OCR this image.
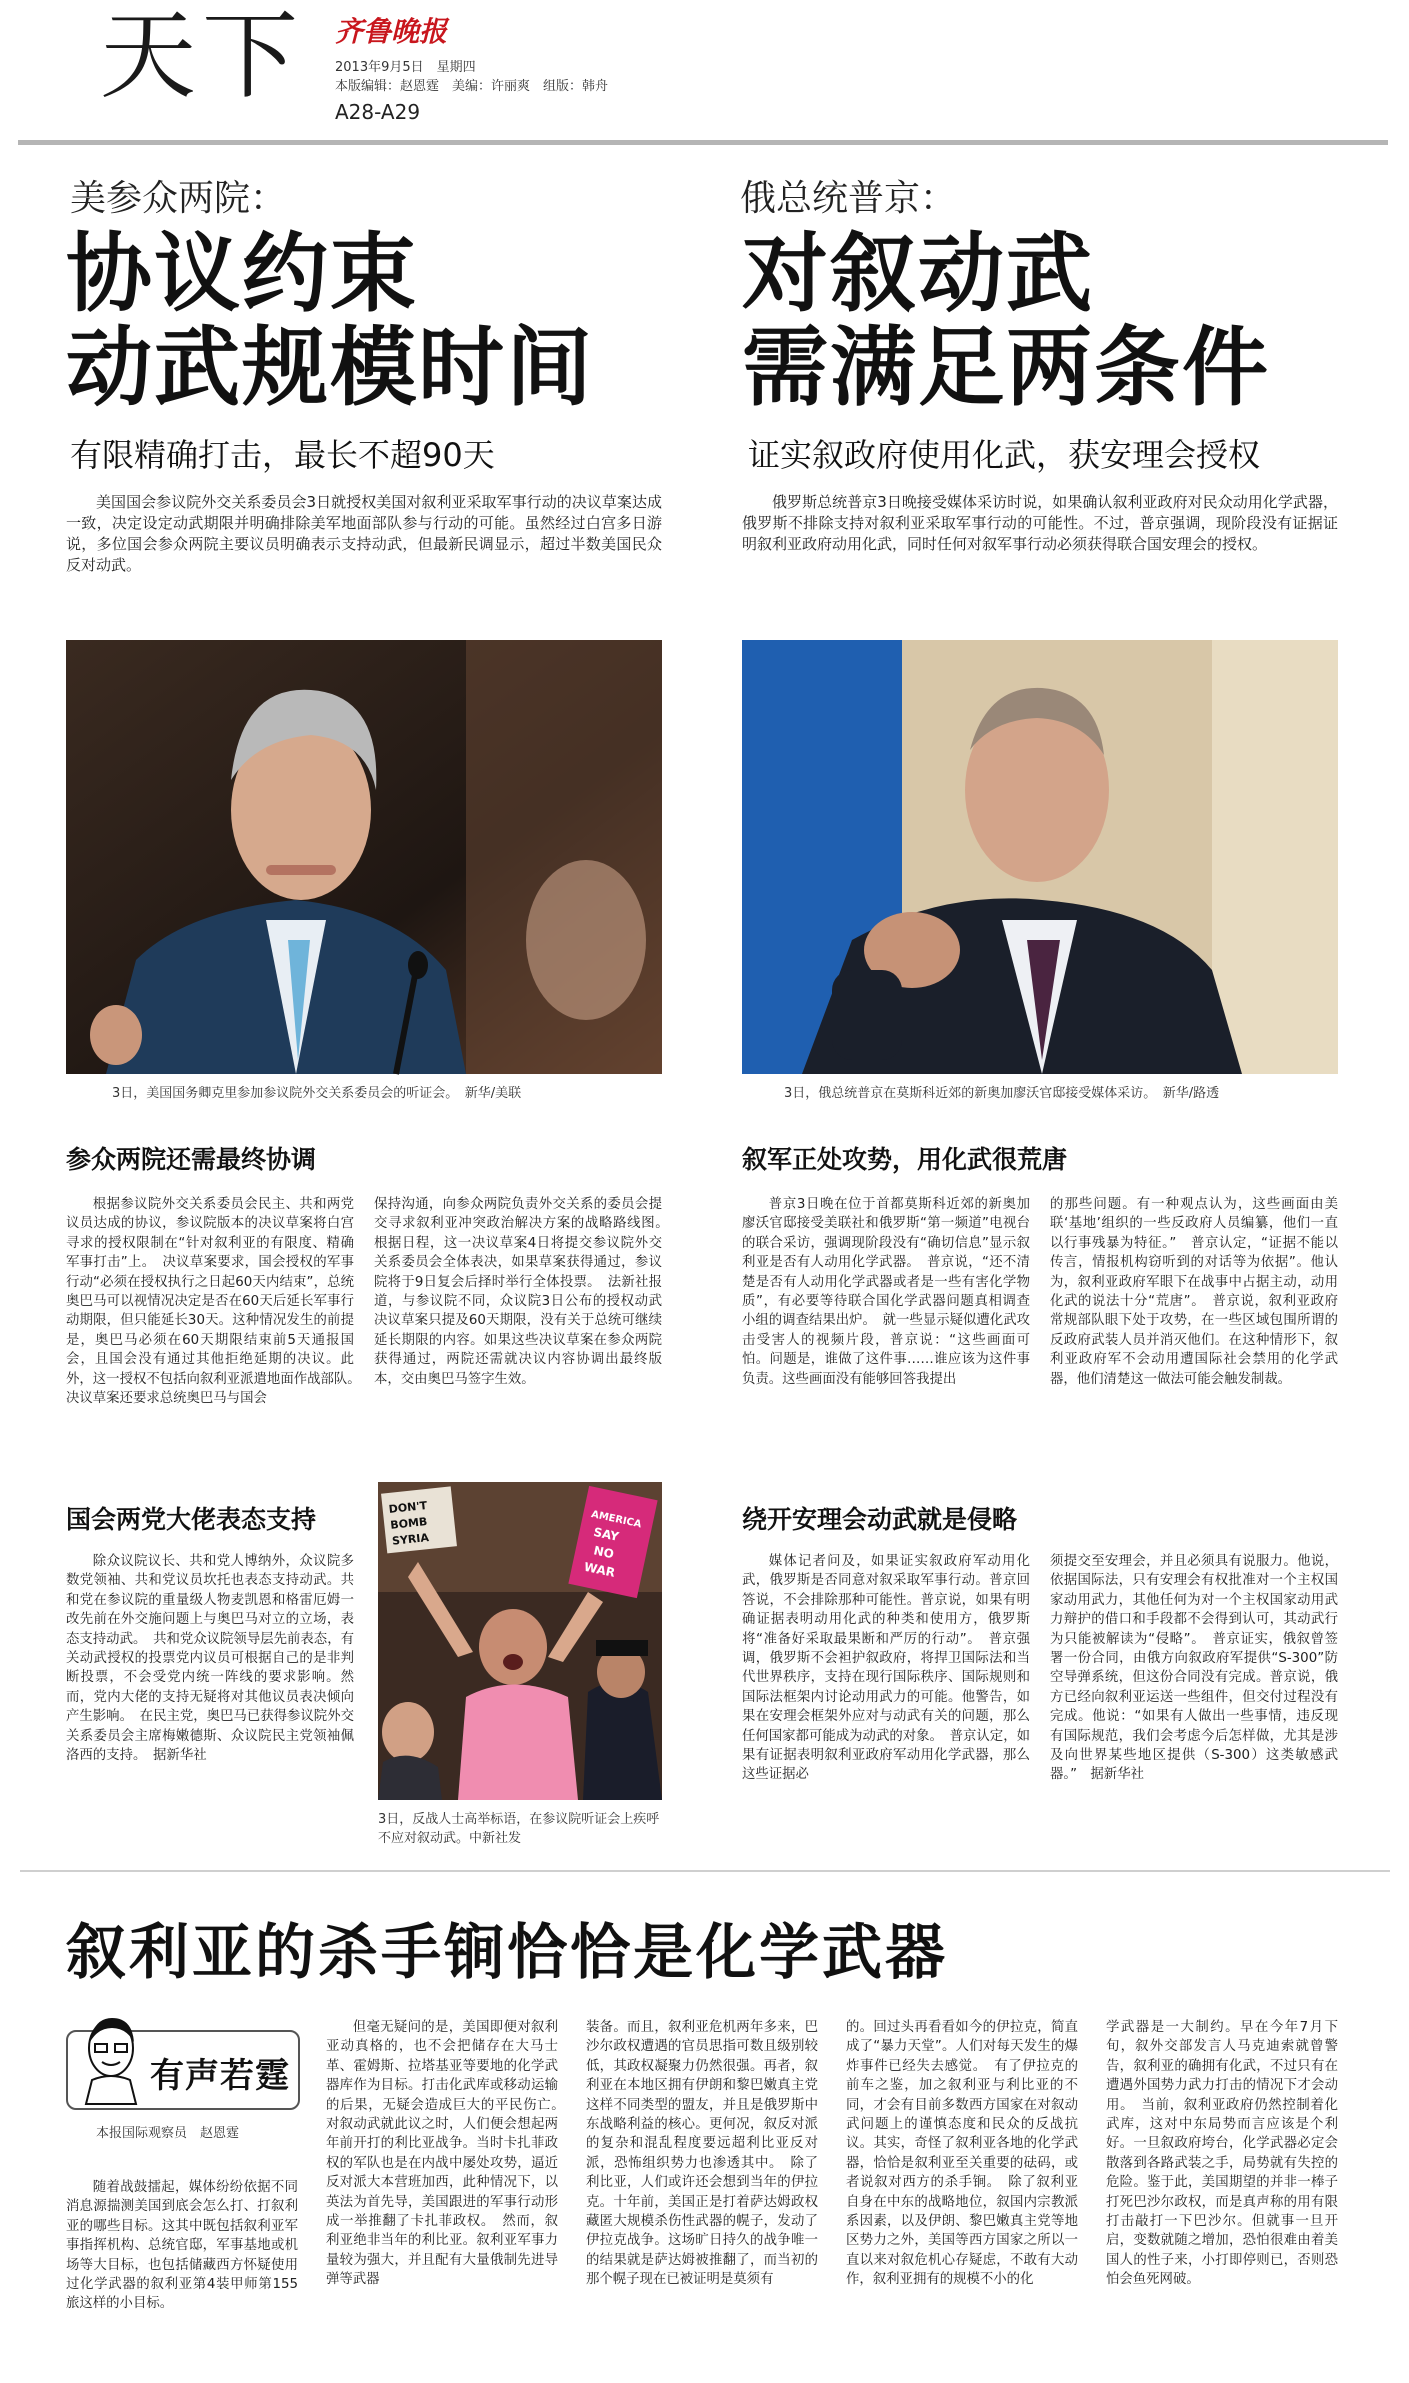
天下 齐鲁晚报
2013年9月5日　星期四
本版编辑：赵恩霆　美编：许丽爽　组版：韩舟
A28-A29
美参众两院：
协议约束
动武规模时间
有限精确打击，最长不超90天
美国国会参议院外交关系委员会3日就授权美国对叙利亚采取军事行动的决议草案达成一致，决定设定动武期限并明确排除美军地面部队参与行动的可能。虽然经过白宫多日游说，多位国会参众两院主要议员明确表示支持动武，但最新民调显示，超过半数美国民众反对动武。
3日，美国国务卿克里参加参议院外交关系委员会的听证会。　新华/美联
参众两院还需最终协调

根据参议院外交关系委员会民主、共和两党议员达成的协议，参议院版本的决议草案将白宫寻求的授权限制在“针对叙利亚的有限度、精确军事打击”上。　决议草案要求，国会授权的军事行动“必须在授权执行之日起60天内结束”，总统奥巴马可以视情况决定是否在60天后延长军事行动期限，但只能延长30天。这种情况发生的前提是，奥巴马必须在60天期限结束前5天通报国会，且国会没有通过其他拒绝延期的决议。此外，这一授权不包括向叙利亚派遣地面作战部队。　决议草案还要求总统奥巴马与国会

保持沟通，向参众两院负责外交关系的委员会提交寻求叙利亚冲突政治解决方案的战略路线图。　根据日程，这一决议草案4日将提交参议院外交关系委员会全体表决，如果草案获得通过，参议院将于9日复会后择时举行全体投票。　法新社报道，与参议院不同，众议院3日公布的授权动武决议草案只提及60天期限，没有关于总统可继续延长期限的内容。如果这些决议草案在参众两院获得通过，两院还需就决议内容协调出最终版本，交由奥巴马签字生效。

国会两党大佬表态支持

除众议院议长、共和党人博纳外，众议院多数党领袖、共和党议员坎托也表态支持动武。共和党在参议院的重量级人物麦凯恩和格雷厄姆一改先前在外交施问题上与奥巴马对立的立场，表态支持动武。　共和党众议院领导层先前表态，有关动武授权的投票党内议员可根据自己的是非判断投票，不会受党内统一阵线的要求影响。然而，党内大佬的支持无疑将对其他议员表决倾向产生影响。　在民主党，奥巴马已获得参议院外交关系委员会主席梅嫩德斯、众议院民主党领袖佩洛西的支持。　据新华社

DON'T
BOMB
SYRIA
AMERICA
SAY
NO
WAR
3日，反战人士高举标语，在参议院听证会上疾呼不应对叙动武。中新社发
俄总统普京：
对叙动武
需满足两条件
证实叙政府使用化武，获安理会授权
俄罗斯总统普京3日晚接受媒体采访时说，如果确认叙利亚政府对民众动用化学武器，俄罗斯不排除支持对叙利亚采取军事行动的可能性。不过，普京强调，现阶段没有证据证明叙利亚政府动用化武，同时任何对叙军事行动必须获得联合国安理会的授权。
3日，俄总统普京在莫斯科近郊的新奥加廖沃官邸接受媒体采访。　新华/路透
叙军正处攻势，用化武很荒唐

普京3日晚在位于首都莫斯科近郊的新奥加廖沃官邸接受美联社和俄罗斯“第一频道”电视台的联合采访，强调现阶段没有“确切信息”显示叙利亚是否有人动用化学武器。　普京说，“还不清楚是否有人动用化学武器或者是一些有害化学物质”，有必要等待联合国化学武器问题真相调查小组的调查结果出炉。　就一些显示疑似遭化武攻击受害人的视频片段，普京说：“这些画面可怕。问题是，谁做了这件事……谁应该为这件事负责。这些画面没有能够回答我提出

的那些问题。有一种观点认为，这些画面由美联‘基地’组织的一些反政府人员编纂，他们一直以行事残暴为特征。”　普京认定，“证据不能以传言，情报机构窃听到的对话等为依据”。他认为，叙利亚政府军眼下在战事中占据主动，动用化武的说法十分“荒唐”。　普京说，叙利亚政府常规部队眼下处于攻势，在一些区域包围所谓的反政府武装人员并消灭他们。在这种情形下，叙利亚政府军不会动用遭国际社会禁用的化学武器，他们清楚这一做法可能会触发制裁。

绕开安理会动武就是侵略

媒体记者问及，如果证实叙政府军动用化武，俄罗斯是否同意对叙采取军事行动。普京回答说，不会排除那种可能性。普京说，如果有明确证据表明动用化武的种类和使用方，俄罗斯将“准备好采取最果断和严厉的行动”。　普京强调，俄罗斯不会袒护叙政府，将捍卫国际法和当代世界秩序，支持在现行国际秩序、国际规则和国际法框架内讨论动用武力的可能。他警告，如果在安理会框架外应对与动武有关的问题，那么任何国家都可能成为动武的对象。　普京认定，如果有证据表明叙利亚政府军动用化学武器，那么这些证据必

须提交至安理会，并且必须具有说服力。他说，依据国际法，只有安理会有权批准对一个主权国家动用武力，其他任何为对一个主权国家动用武力辩护的借口和手段都不会得到认可，其动武行为只能被解读为“侵略”。　普京证实，俄叙曾签署一份合同，由俄方向叙政府军提供“S-300”防空导弹系统，但这份合同没有完成。普京说，俄方已经向叙利亚运送一些组件，但交付过程没有完成。他说：“如果有人做出一些事情，违反现有国际规范，我们会考虑今后怎样做，尤其是涉及向世界某些地区提供（S-300）这类敏感武器。”　据新华社

叙利亚的杀手锏恰恰是化学武器
有声若霆
本报国际观察员　赵恩霆

随着战鼓擂起，媒体纷纷依据不同消息源揣测美国到底会怎么打、打叙利亚的哪些目标。这其中既包括叙利亚军事指挥机构、总统官邸，军事基地或机场等大目标，也包括储藏西方怀疑使用过化学武器的叙利亚第4装甲师第155旅这样的小目标。

但毫无疑问的是，美国即便对叙利亚动真格的，也不会把储存在大马士革、霍姆斯、拉塔基亚等要地的化学武器库作为目标。打击化武库或移动运输的后果，无疑会造成巨大的平民伤亡。　对叙动武就此议之时，人们便会想起两年前开打的利比亚战争。当时卡扎菲政权的军队也是在内战中屡处攻势，逼近反对派大本营班加西，此种情况下，以英法为首先导，美国跟进的军事行动形成一举推翻了卡扎菲政权。　然而，叙利亚绝非当年的利比亚。叙利亚军事力量较为强大，并且配有大量俄制先进导弹等武器

装备。而且，叙利亚危机两年多来，巴沙尔政权遭遇的官员思指可数且级别较低，其政权凝聚力仍然很强。再者，叙利亚在本地区拥有伊朗和黎巴嫩真主党这样不同类型的盟友，并且是俄罗斯中东战略利益的核心。更何况，叙反对派的复杂和混乱程度要远超利比亚反对派，恐怖组织势力也渗透其中。　除了利比亚，人们或许还会想到当年的伊拉克。十年前，美国正是打着萨达姆政权藏匿大规模杀伤性武器的幌子，发动了伊拉克战争。这场旷日持久的战争唯一的结果就是萨达姆被推翻了，而当初的那个幌子现在已被证明是莫须有

的。回过头再看看如今的伊拉克，简直成了“暴力天堂”。人们对每天发生的爆炸事件已经失去感觉。　有了伊拉克的前车之鉴，加之叙利亚与利比亚的不同，才会有目前多数西方国家在对叙动武问题上的谨慎态度和民众的反战抗议。其实，奇怪了叙利亚各地的化学武器，恰恰是叙利亚至关重要的砝码，或者说叙对西方的杀手锏。　除了叙利亚自身在中东的战略地位，叙国内宗教派系因素，以及伊朗、黎巴嫩真主党等地区势力之外，美国等西方国家之所以一直以来对叙危机心存疑虑，不敢有大动作，叙利亚拥有的规模不小的化

学武器是一大制约。早在今年7月下旬，叙外交部发言人马克迪索就曾警告，叙利亚的确拥有化武，不过只有在遭遇外国势力武力打击的情况下才会动用。　当前，叙利亚政府仍然控制着化武库，这对中东局势而言应该是个利好。一旦叙政府垮台，化学武器必定会散落到各路武装之手，局势就有失控的危险。鉴于此，美国期望的并非一棒子打死巴沙尔政权，而是真声称的用有限打击敲打一下巴沙尔。但就事一旦开启，变数就随之增加，恐怕很难由着美国人的性子来，小打即停则已，否则恐怕会鱼死网破。
